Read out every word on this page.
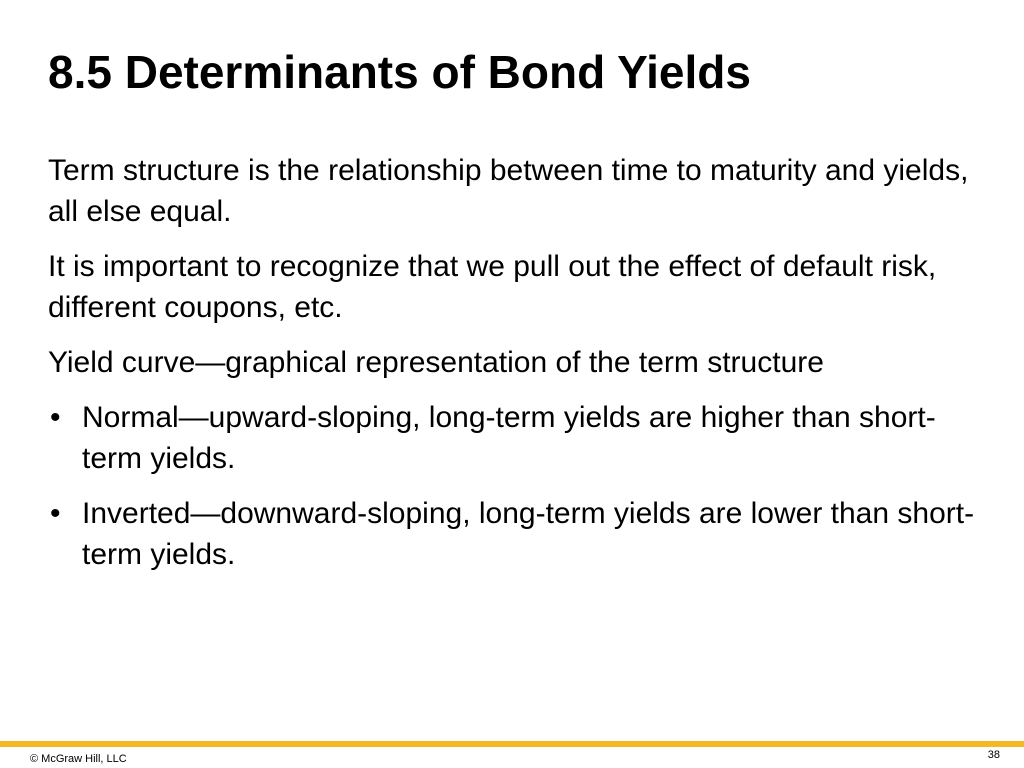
8.5 Determinants of Bond Yields

Term structure is the relationship between time to maturity and yields, all else equal.

It is important to recognize that we pull out the effect of default risk, different coupons, etc.

Yield curve—graphical representation of the term structure

• Normal—upward-sloping, long-term yields are higher than short-term yields.
• Inverted—downward-sloping, long-term yields are lower than short-term yields.
© McGraw Hill, LLC	38
